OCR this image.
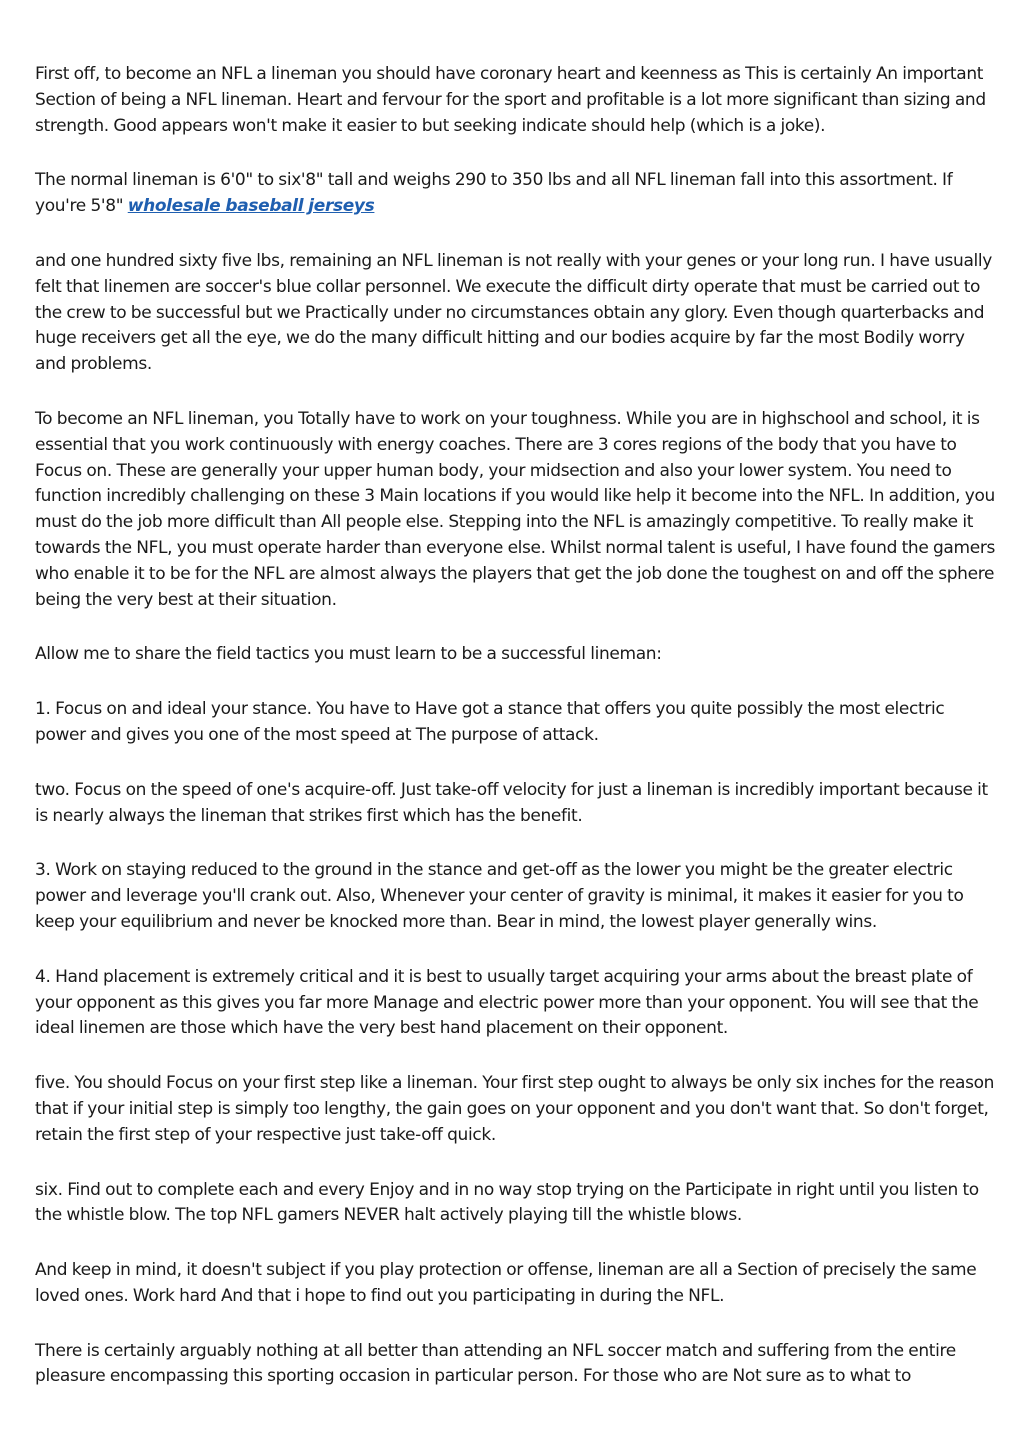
First off, to become an NFL a lineman you should have coronary heart and keenness as This is certainly An important Section of being a NFL lineman. Heart and fervour for the sport and profitable is a lot more significant than sizing and strength. Good appears won't make it easier to but seeking indicate should help (which is a joke).

The normal lineman is 6'0" to six'8" tall and weighs 290 to 350 lbs and all NFL lineman fall into this assortment. If you're 5'8" wholesale baseball jerseys

and one hundred sixty five lbs, remaining an NFL lineman is not really with your genes or your long run. I have usually felt that linemen are soccer's blue collar personnel. We execute the difficult dirty operate that must be carried out to the crew to be successful but we Practically under no circumstances obtain any glory. Even though quarterbacks and huge receivers get all the eye, we do the many difficult hitting and our bodies acquire by far the most Bodily worry and problems.

To become an NFL lineman, you Totally have to work on your toughness. While you are in highschool and school, it is essential that you work continuously with energy coaches. There are 3 cores regions of the body that you have to Focus on. These are generally your upper human body, your midsection and also your lower system. You need to function incredibly challenging on these 3 Main locations if you would like help it become into the NFL. In addition, you must do the job more difficult than All people else. Stepping into the NFL is amazingly competitive. To really make it towards the NFL, you must operate harder than everyone else. Whilst normal talent is useful, I have found the gamers who enable it to be for the NFL are almost always the players that get the job done the toughest on and off the sphere being the very best at their situation.

Allow me to share the field tactics you must learn to be a successful lineman:

1. Focus on and ideal your stance. You have to Have got a stance that offers you quite possibly the most electric power and gives you one of the most speed at The purpose of attack.

two. Focus on the speed of one's acquire-off. Just take-off velocity for just a lineman is incredibly important because it is nearly always the lineman that strikes first which has the benefit.

3. Work on staying reduced to the ground in the stance and get-off as the lower you might be the greater electric power and leverage you'll crank out. Also, Whenever your center of gravity is minimal, it makes it easier for you to keep your equilibrium and never be knocked more than. Bear in mind, the lowest player generally wins.

4. Hand placement is extremely critical and it is best to usually target acquiring your arms about the breast plate of your opponent as this gives you far more Manage and electric power more than your opponent. You will see that the ideal linemen are those which have the very best hand placement on their opponent.

five. You should Focus on your first step like a lineman. Your first step ought to always be only six inches for the reason that if your initial step is simply too lengthy, the gain goes on your opponent and you don't want that. So don't forget, retain the first step of your respective just take-off quick.

six. Find out to complete each and every Enjoy and in no way stop trying on the Participate in right until you listen to the whistle blow. The top NFL gamers NEVER halt actively playing till the whistle blows.

And keep in mind, it doesn't subject if you play protection or offense, lineman are all a Section of precisely the same loved ones. Work hard And that i hope to find out you participating in during the NFL.

There is certainly arguably nothing at all better than attending an NFL soccer match and suffering from the entire pleasure encompassing this sporting occasion in particular person. For those who are Not sure as to what to
